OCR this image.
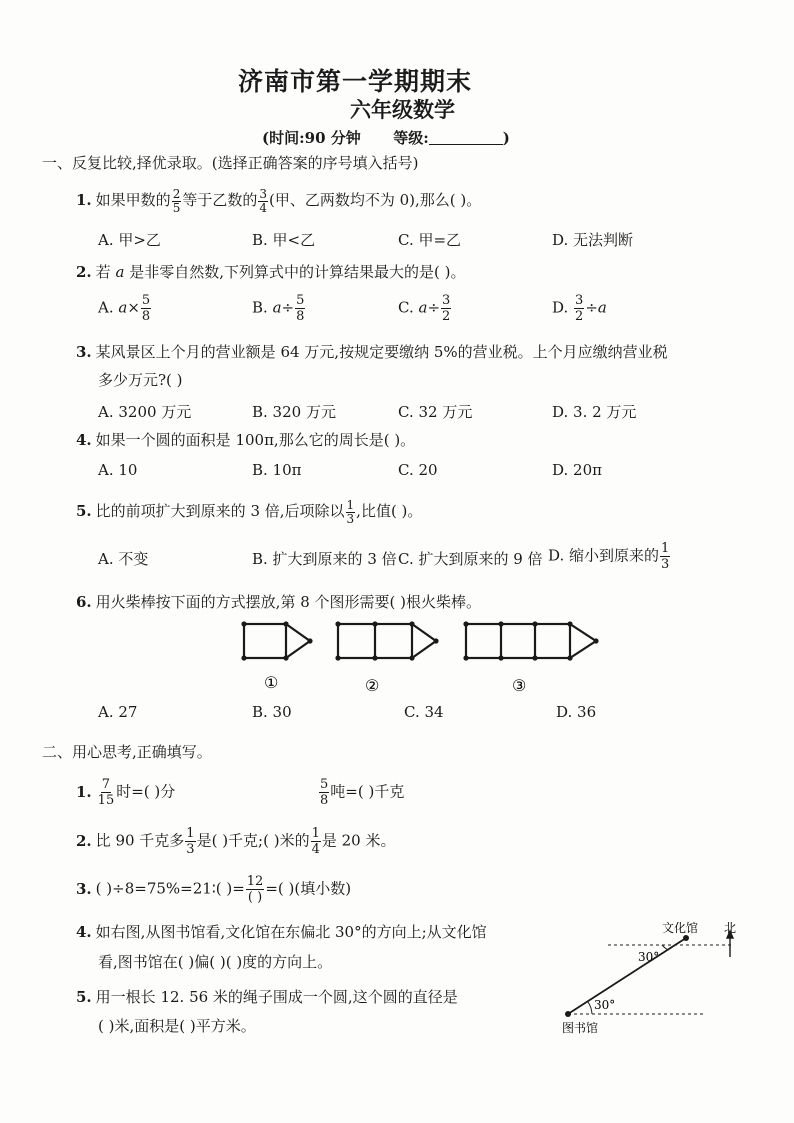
济南市第一学期期末
六年级数学
(时间:90 分钟 等级:	)
一、反复比较,择优录取。(选择正确答案的序号填入括号)
1. 如果甲数的 $\frac{2}{5}$ 等于乙数的 $\frac{3}{4}$ (甲、乙两数均不为 0),那么( )。
A. 甲>乙	B. 甲<乙	C. 甲=乙	D. 无法判断
2. 若 a 是非零自然数,下列算式中的计算结果最大的是( )。
A. $a\times \frac{5}{8}$	B. $a\div \frac{5}{8}$	C. $a\div \frac{3}{2}$	D. $\frac{3}{2} \div a$
3. 某风景区上个月的营业额是 64 万元,按规定要缴纳 5%的营业税。上个月应缴纳营业税
多少万元?( )
A. 3200 万元	B. 320 万元	C. 32 万元	D. 3. 2 万元
4. 如果一个圆的面积是 100π,那么它的周长是( )。
A. 10	B. 10π	C. 20	D. 20π
5. 比的前项扩大到原来的 3 倍,后项除以 $\frac{1}{3}$ ,比值( )。
A. 不变	B. 扩大到原来的 3 倍 C. 扩大到原来的 9 倍 D. 缩小到原来的 $\frac{1}{3}$
6. 用火柴棒按下面的方式摆放,第 8 个图形需要( )根火柴棒。
①	②	③
A. 27	B. 30	C. 34	D. 36
二、用心思考,正确填写。
1. $\frac{7}{15}$ 时=( )分	$\frac{5}{8}$ 吨=( )千克
2. 比 90 千克多 $\frac{1}{3}$ 是( )千克;( )米的 $\frac{1}{4}$ 是 20 米。
3. ( )÷8=75%=21∶( )= $\frac{12}{( )}$ =( )(填小数)
4. 如右图,从图书馆看,文化馆在东偏北 30°的方向上;从文化馆
看,图书馆在( )偏( )( )度的方向上。
5. 用一根长 12. 56 米的绳子围成一个圆,这个圆的直径是
( )米,面积是( )平方米。
文化馆 北
30°
30°
图书馆
